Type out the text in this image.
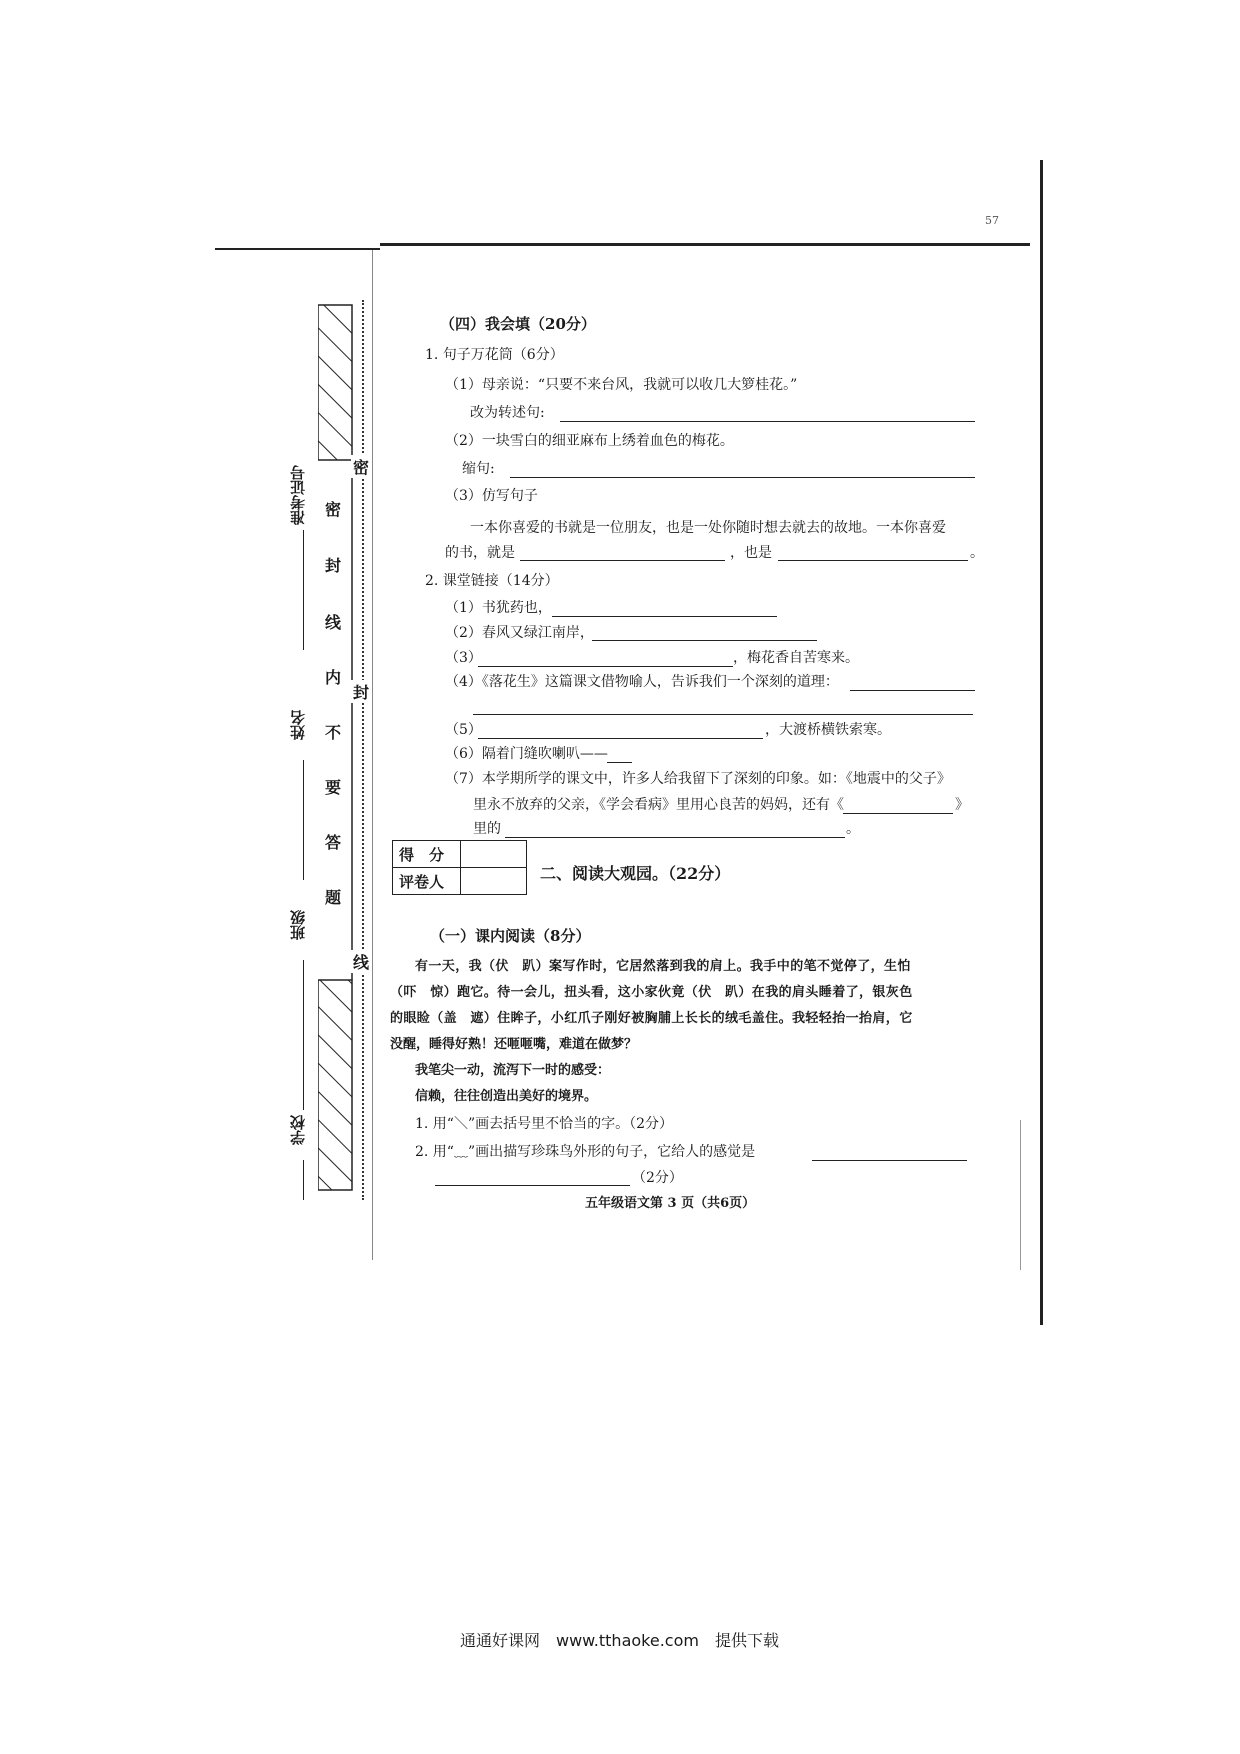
57
准考证号
姓名
班级
学校
密
封
线
内
不
要
答
题
密
封
线
（四）我会填（20分）
1. 句子万花筒（6分）
（1）母亲说：“只要不来台风，我就可以收几大箩桂花。”
改为转述句:
（2）一块雪白的细亚麻布上绣着血色的梅花。
缩句:
（3）仿写句子
一本你喜爱的书就是一位朋友，也是一处你随时想去就去的故地。一本你喜爱
的书，就是	，也是	。
2. 课堂链接（14分）
（1）书犹药也，
（2）春风又绿江南岸，
（3）	，梅花香自苦寒来。
（4）《落花生》这篇课文借物喻人，告诉我们一个深刻的道理：
（5）	，大渡桥横铁索寒。
（6）隔着门缝吹喇叭——
（7）本学期所学的课文中，许多人给我留下了深刻的印象。如：《地震中的父子》
里永不放弃的父亲，《学会看病》里用心良苦的妈妈，还有《	》
里的	。
得　分	
评卷人		二、阅读大观园。（22分）
（一）课内阅读（8分）
有一天，我（伏　趴）案写作时，它居然落到我的肩上。我手中的笔不觉停了，生怕
（吓　惊）跑它。待一会儿，扭头看，这小家伙竟（伏　趴）在我的肩头睡着了，银灰色
的眼睑（盖　遮）住眸子，小红爪子刚好被胸脯上长长的绒毛盖住。我轻轻抬一抬肩，它
没醒，睡得好熟！还咂咂嘴，难道在做梦？
我笔尖一动，流泻下一时的感受：
信赖，往往创造出美好的境界。
1. 用“＼”画去括号里不恰当的字。（2分）
2. 用“﹏”画出描写珍珠鸟外形的句子，它给人的感觉是
（2分）
五年级语文第 3 页（共6页）
通通好课网　www.tthaoke.com　提供下载
